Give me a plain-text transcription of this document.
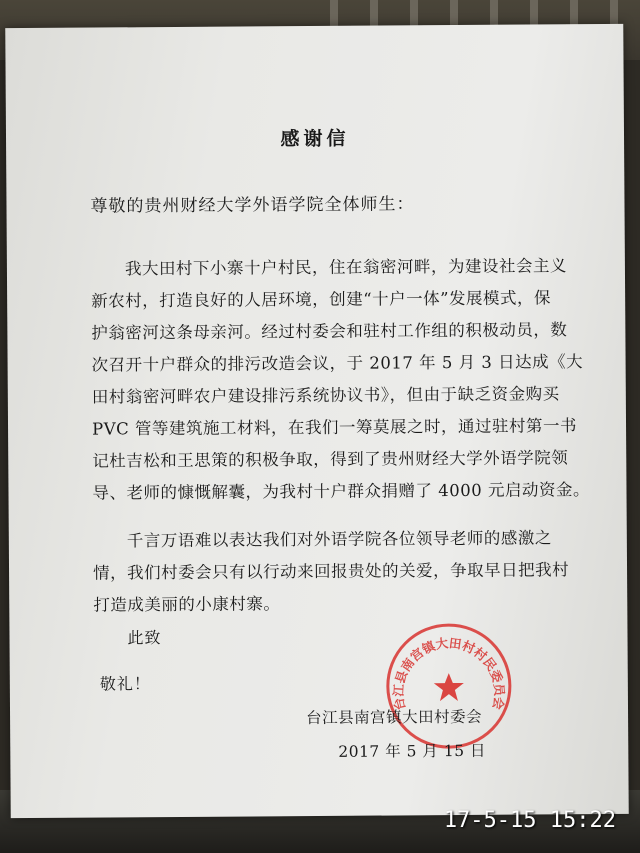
感谢信
尊敬的贵州财经大学外语学院全体师生：
我大田村下小寨十户村民，住在翁密河畔，为建设社会主义
新农村，打造良好的人居环境，创建“十户一体”发展模式，保
护翁密河这条母亲河。经过村委会和驻村工作组的积极动员，数
次召开十户群众的排污改造会议，于 2017 年 5 月 3 日达成《大
田村翁密河畔农户建设排污系统协议书》，但由于缺乏资金购买
PVC 管等建筑施工材料，在我们一筹莫展之时，通过驻村第一书
记杜吉松和王思策的积极争取，得到了贵州财经大学外语学院领
导、老师的慷慨解囊，为我村十户群众捐赠了 4000 元启动资金。
千言万语难以表达我们对外语学院各位领导老师的感激之
情，我们村委会只有以行动来回报贵处的关爱，争取早日把我村
打造成美丽的小康村寨。
此致
敬礼！
台江县南宫镇大田村村民委员会
台江县南宫镇大田村委会
2017 年 5 月 15 日
17-5-15 15:22
